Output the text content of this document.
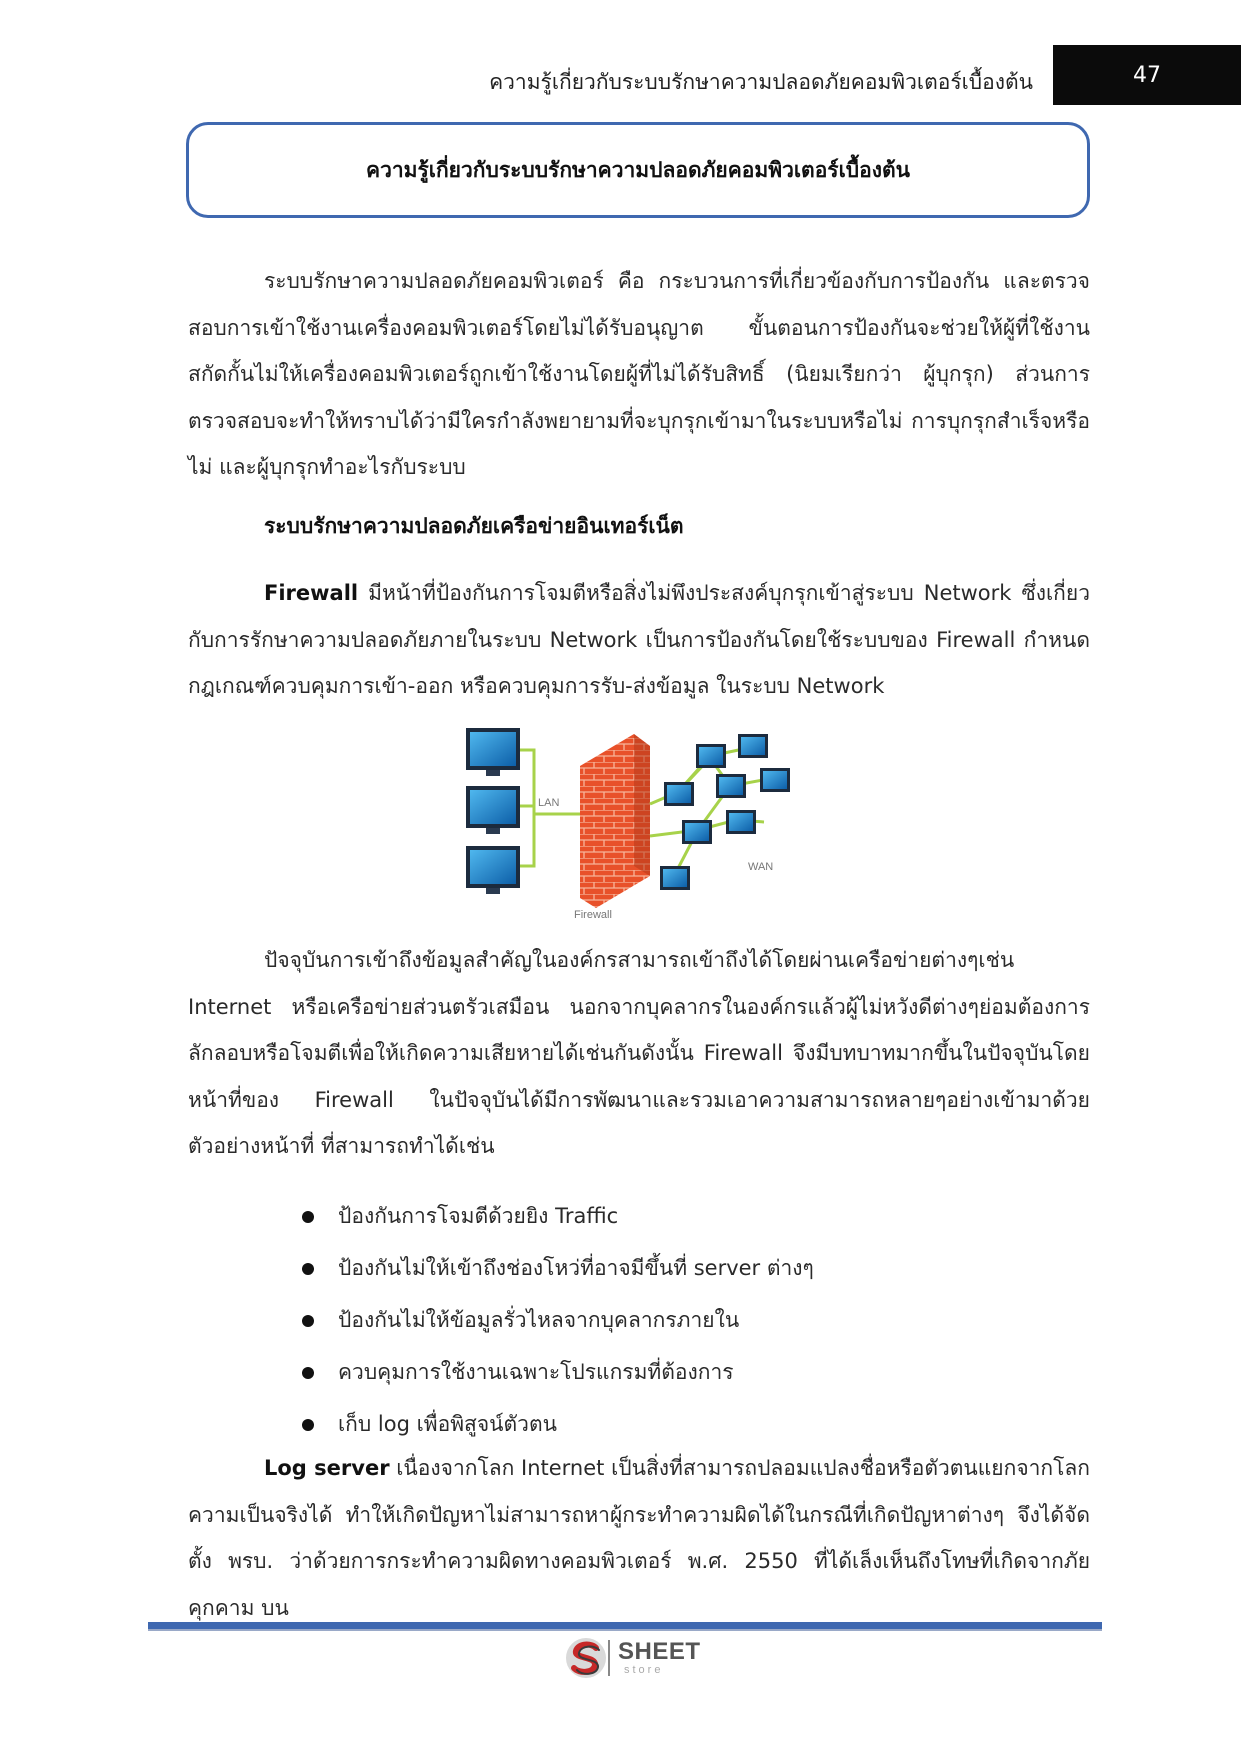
ความรู้เกี่ยวกับระบบรักษาความปลอดภัยคอมพิวเตอร์เบื้องต้น	47
ความรู้เกี่ยวกับระบบรักษาความปลอดภัยคอมพิวเตอร์เบื้องต้น

ระบบรักษาความปลอดภัยคอมพิวเตอร์ คือ กระบวนการที่เกี่ยวข้องกับการป้องกัน และตรวจสอบการเข้าใช้งานเครื่องคอมพิวเตอร์โดยไม่ได้รับอนุญาต ขั้นตอนการป้องกันจะช่วยให้ผู้ที่ใช้งานสกัดกั้นไม่ให้เครื่องคอมพิวเตอร์ถูกเข้าใช้งานโดยผู้ที่ไม่ได้รับสิทธิ์ (นิยมเรียกว่า ผู้บุกรุก) ส่วนการตรวจสอบจะทำให้ทราบได้ว่ามีใครกำลังพยายามที่จะบุกรุกเข้ามาในระบบหรือไม่ การบุกรุกสำเร็จหรือไม่ และผู้บุกรุกทำอะไรกับระบบ

ระบบรักษาความปลอดภัยเครือข่ายอินเทอร์เน็ต

Firewall มีหน้าที่ป้องกันการโจมตีหรือสิ่งไม่พึงประสงค์บุกรุกเข้าสู่ระบบ Network ซึ่งเกี่ยวกับการรักษาความปลอดภัยภายในระบบ Network เป็นการป้องกันโดยใช้ระบบของ Firewall กำหนดกฎเกณฑ์ควบคุมการเข้า-ออก หรือควบคุมการรับ-ส่งข้อมูล ในระบบ Network

LAN
Firewall
WAN

ปัจจุบันการเข้าถึงข้อมูลสำคัญในองค์กรสามารถเข้าถึงได้โดยผ่านเครือข่ายต่างๆเช่น Internet หรือเครือข่ายส่วนตรัวเสมือน นอกจากบุคลากรในองค์กรแล้วผู้ไม่หวังดีต่างๆย่อมต้องการลักลอบหรือโจมตีเพื่อให้เกิดความเสียหายได้เช่นกันดังนั้น Firewall จึงมีบทบาทมากขึ้นในปัจจุบันโดยหน้าที่ของ Firewall ในปัจจุบันได้มีการพัฒนาและรวมเอาความสามารถหลายๆอย่างเข้ามาด้วย ตัวอย่างหน้าที่ ที่สามารถทำได้เช่น

ป้องกันการโจมตีด้วยยิง Traffic
ป้องกันไม่ให้เข้าถึงช่องโหว่ที่อาจมีขึ้นที่ server ต่างๆ
ป้องกันไม่ให้ข้อมูลรั่วไหลจากบุคลากรภายใน
ควบคุมการใช้งานเฉพาะโปรแกรมที่ต้องการ
เก็บ log เพื่อพิสูจน์ตัวตน

Log server เนื่องจากโลก Internet เป็นสิ่งที่สามารถปลอมแปลงชื่อหรือตัวตนแยกจากโลกความเป็นจริงได้ ทำให้เกิดปัญหาไม่สามารถหาผู้กระทำความผิดได้ในกรณีที่เกิดปัญหาต่างๆ จึงได้จัดตั้ง พรบ. ว่าด้วยการกระทำความผิดทางคอมพิวเตอร์ พ.ศ. 2550 ที่ได้เล็งเห็นถึงโทษที่เกิดจากภัยคุกคาม บน

SHEET
store
